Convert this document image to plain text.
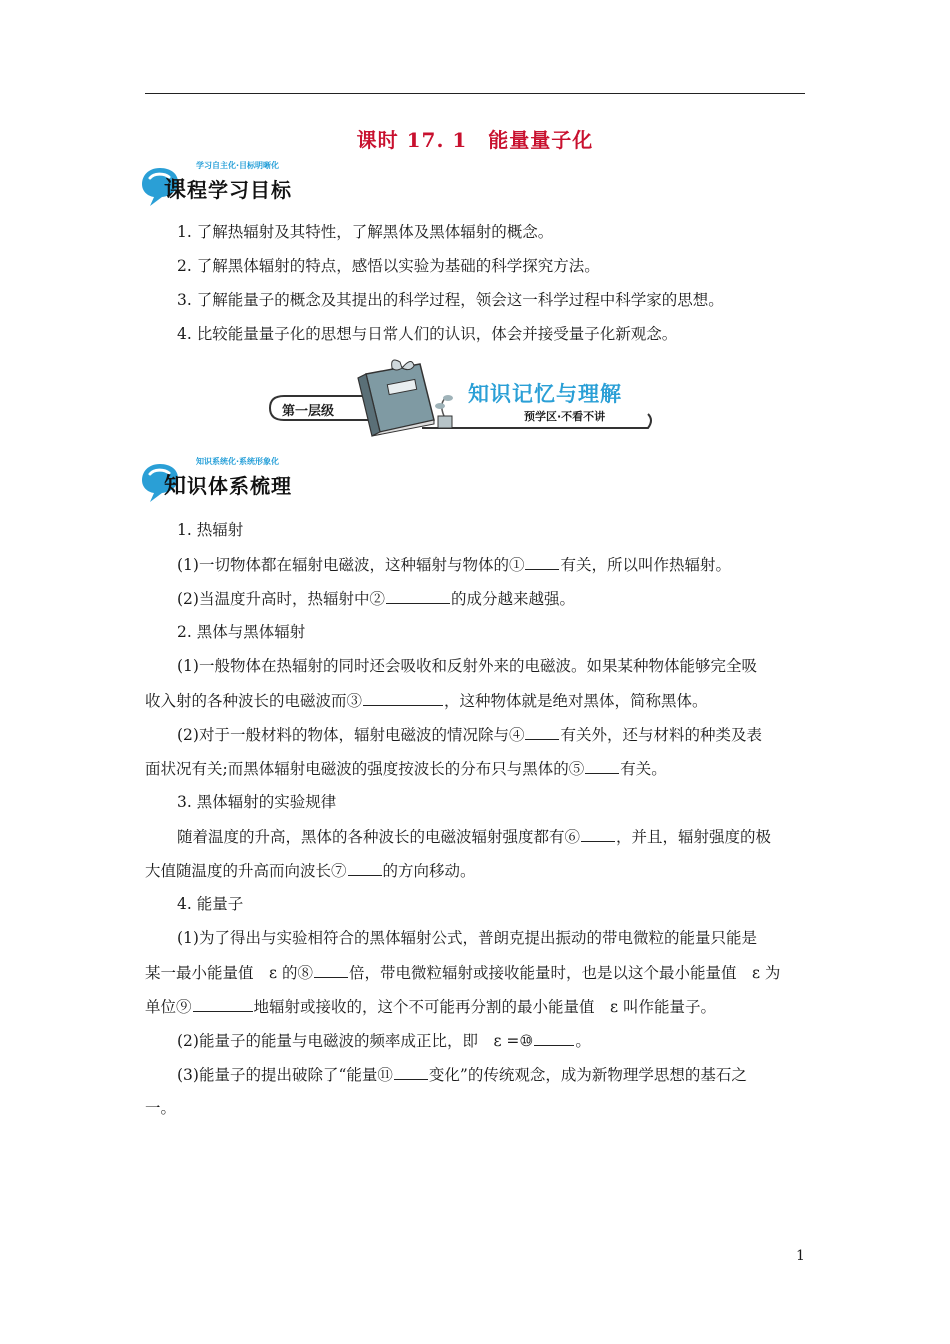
课时 17. 1　能量量子化
学习自主化·目标明晰化
课程学习目标
1. 了解热辐射及其特性，了解黑体及黑体辐射的概念。
2. 了解黑体辐射的特点，感悟以实验为基础的科学探究方法。
3. 了解能量子的概念及其提出的科学过程，领会这一科学过程中科学家的思想。
4. 比较能量量子化的思想与日常人们的认识，体会并接受量子化新观念。
第一层级
知识记忆与理解
预学区·不看不讲
知识系统化·系统形象化
知识体系梳理
1. 热辐射
(1)一切物体都在辐射电磁波，这种辐射与物体的① 有关，所以叫作热辐射。
(2)当温度升高时，热辐射中②	的成分越来越强。
2. 黑体与黑体辐射
(1)一般物体在热辐射的同时还会吸收和反射外来的电磁波。如果某种物体能够完全吸
收入射的各种波长的电磁波而③	，这种物体就是绝对黑体，简称黑体。
(2)对于一般材料的物体，辐射电磁波的情况除与④ 有关外，还与材料的种类及表
面状况有关;而黑体辐射电磁波的强度按波长的分布只与黑体的⑤ 有关。
3. 黑体辐射的实验规律
随着温度的升高，黑体的各种波长的电磁波辐射强度都有⑥ ，并且，辐射强度的极
大值随温度的升高而向波长⑦ 的方向移动。
4. 能量子
(1)为了得出与实验相符合的黑体辐射公式，普朗克提出振动的带电微粒的能量只能是
某一最小能量值　ε 的⑧ 倍，带电微粒辐射或接收能量时，也是以这个最小能量值　ε 为
单位⑨	地辐射或接收的，这个不可能再分割的最小能量值　ε 叫作能量子。
(2)能量子的能量与电磁波的频率成正比，即　ε =⑩	。
(3)能量子的提出破除了“能量⑪ 变化”的传统观念，成为新物理学思想的基石之
一。
1
